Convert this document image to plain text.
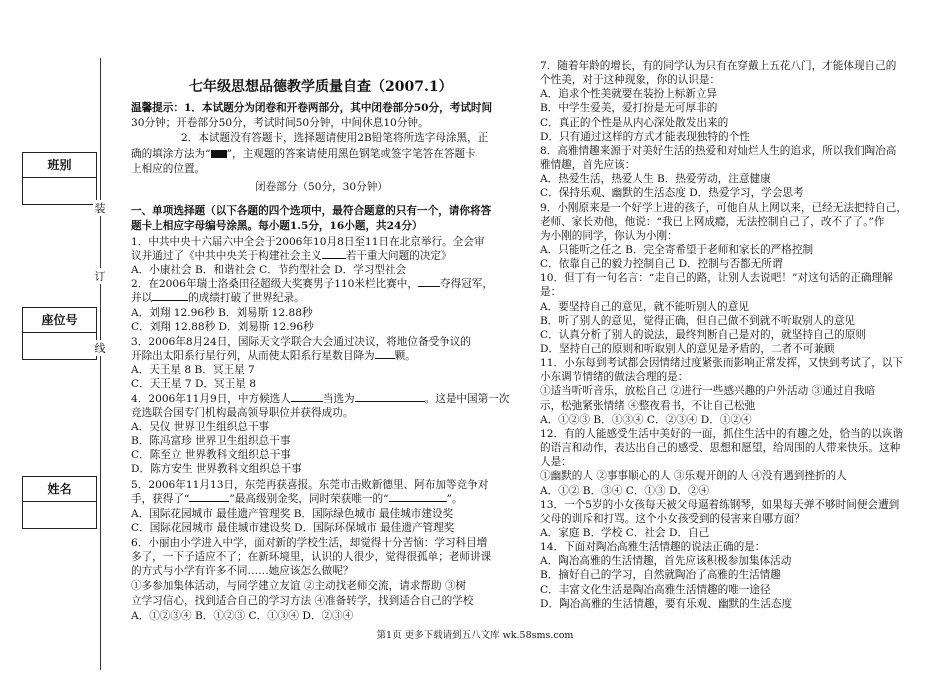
班别
座位号
姓名
装
订
线
七年级思想品德教学质量自查（2007.1）
温馨提示：1．本试题分为闭卷和开卷两部分，其中闭卷部分50分，考试时间
30分钟；开卷部分50分，考试时间50分钟，中间休息10分钟。
2．本试题没有答题卡，选择题请使用2B铅笔将所选字母涂黑，正
确的填涂方法为“ ”，主观题的答案请使用黑色钢笔或签字笔答在答题卡
上相应的位置。
闭卷部分（50分，30分钟）
一、单项选择题（以下各题的四个选项中，最符合题意的只有一个，请你将答
题卡上相应字母编号涂黑。每小题1.5分，16小题，共24分）
1．中共中央十六届六中全会于2006年10月8日至11日在北京举行。全会审
议并通过了《中共中央关于构建社会主义 若干重大问题的决定》
A．小康社会 B．和谐社会 C．节约型社会 D．学习型社会
2．在2006年瑞士洛桑田径超级大奖赛男子110米栏比赛中， 夺得冠军，
并以	的成绩打破了世界纪录。
A．刘翔 12.96秒 B．刘易斯 12.88秒
C．刘翔 12.88秒 D．刘易斯 12.96秒
3．2006年8月24日，国际天文学联合大会通过决议，将地位备受争议的
开除出太阳系行星行列，从而使太阳系行星数目降为 颗。
A．天王星 8 B．冥王星 7
C．天王星 7 D．冥王星 8
4．2006年11月9日，中方候选人	当选为	。这是中国第一次
竞选联合国专门机构最高领导职位并获得成功。
A．吴仪 世界卫生组织总干事
B．陈冯富珍 世界卫生组织总干事
C．陈至立 世界教科文组织总干事
D．陈方安生 世界教科文组织总干事
5．2006年11月13日，东莞再获喜报。东莞市击败新德里、阿布加等竞争对
手，获得了“	”最高级别金奖，同时荣获唯一的“	”。
A．国际花园城市 最佳遗产管理奖 B．国际绿色城市 最佳城市建设奖
C．国际花园城市 最佳城市建设奖 D．国际环保城市 最佳遗产管理奖
6．小丽由小学进入中学，面对新的学校生活，却觉得十分苦恼：学习科目增
多了，一下子适应不了；在新环境里，认识的人很少，觉得很孤单；老师讲课
的方式与小学有许多不同……她应该怎么做呢？
①多参加集体活动，与同学建立友谊 ②主动找老师交流，请求帮助 ③树
立学习信心，找到适合自己的学习方法 ④准备转学，找到适合自己的学校
A．①②③④ B．①②③ C．①③④ D．②③④
7．随着年龄的增长，有的同学认为只有在穿戴上五花八门，才能体现自己的
个性美，对于这种现象，你的认识是：
A．追求个性美就要在装扮上标新立异
B．中学生爱美，爱打扮是无可厚非的
C．真正的个性是从内心深处散发出来的
D．只有通过这样的方式才能表现独特的个性
8．高雅情趣来源于对美好生活的热爱和对灿烂人生的追求，所以我们陶冶高
雅情趣，首先应该：
A．热爱生活，热爱人生 B．热爱劳动，注意健康
C．保持乐观、幽默的生活态度 D．热爱学习，学会思考
9．小刚原来是一个好学上进的孩子，可他自从上网以来，已经无法把持自己，
老师、家长劝他，他说：“我已上网成瘾，无法控制自己了，改不了了。”作
为小刚的同学，你认为小刚：
A．只能听之任之 B．完全寄希望于老师和家长的严格控制
C．依靠自己的毅力控制自己 D．控制与否都无所谓
10．但丁有一句名言：“走自己的路，让别人去说吧！”对这句话的正确理解
是：
A．要坚持自己的意见，就不能听别人的意见
B．听了别人的意见，觉得正确，但自己做不到就不听取别人的意见
C．认真分析了别人的说法，最终判断自己是对的，就坚持自己的原则
D．坚持自己的原则和听取别人的意见是矛盾的，二者不可兼顾
11．小东每到考试都会因情绪过度紧张而影响正常发挥，又快到考试了，以下
小东调节情绪的做法合理的是：
①适当听听音乐，放松自己 ②进行一些感兴趣的户外活动 ③通过自我暗
示，松弛紧张情绪 ④整夜看书，不让自己松弛
A．①②③ B．①③④ C．②③④ D．①②④
12．有的人能感受生活中美好的一面，抓住生活中的有趣之处，恰当的以诙谐
的语言和动作，表达出自己的感受、思想和愿望，给周围的人带来快乐。这种
人是：
①幽默的人 ②事事顺心的人 ③乐观开朗的人 ④没有遇到挫折的人
A．①② B．③④ C．①③ D．②④
13．一个5岁的小女孩每天被父母逼着练钢琴，如果每天弹不够时间便会遭到
父母的训斥和打骂。这个小女孩受到的侵害来自哪方面？
A．家庭 B．学校 C．社会 D．自己
14．下面对陶冶高雅生活情趣的说法正确的是：
A．陶冶高雅的生活情趣，首先应该积极参加集体活动
B．摘好自己的学习，自然就陶冶了高雅的生活情趣
C．丰富文化生活是陶冶高雅生活情趣的唯一途径
D．陶冶高雅的生活情趣，要有乐观、幽默的生活态度
第1页 更多下载请到五八文库 wk.58sms.com
